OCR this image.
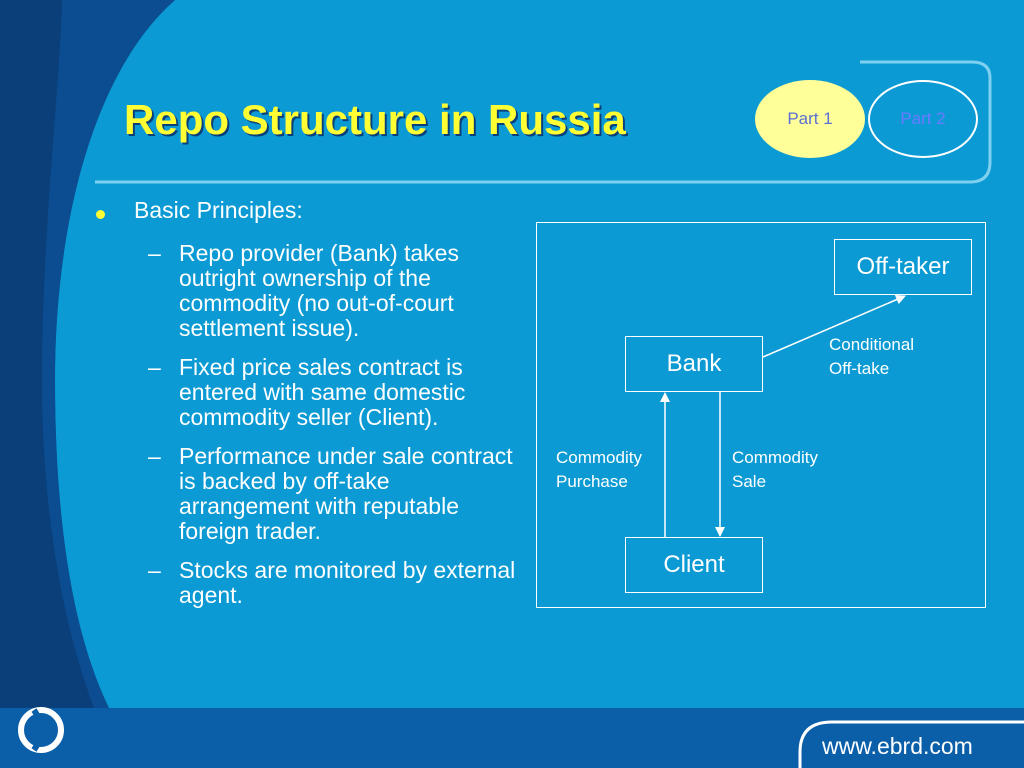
Repo Structure in Russia	Part 1	Part 2
Basic Principles:
– Repo provider (Bank) takes outright ownership of the commodity (no out-of-court settlement issue).
– Fixed price sales contract is entered with same domestic commodity seller (Client).
– Performance under sale contract is backed by off-take arrangement with reputable foreign trader.
– Stocks are monitored by external agent.
Off-taker
Bank
Client
Conditional
Off-take
Commodity
Purchase
Commodity
Sale
www.ebrd.com
